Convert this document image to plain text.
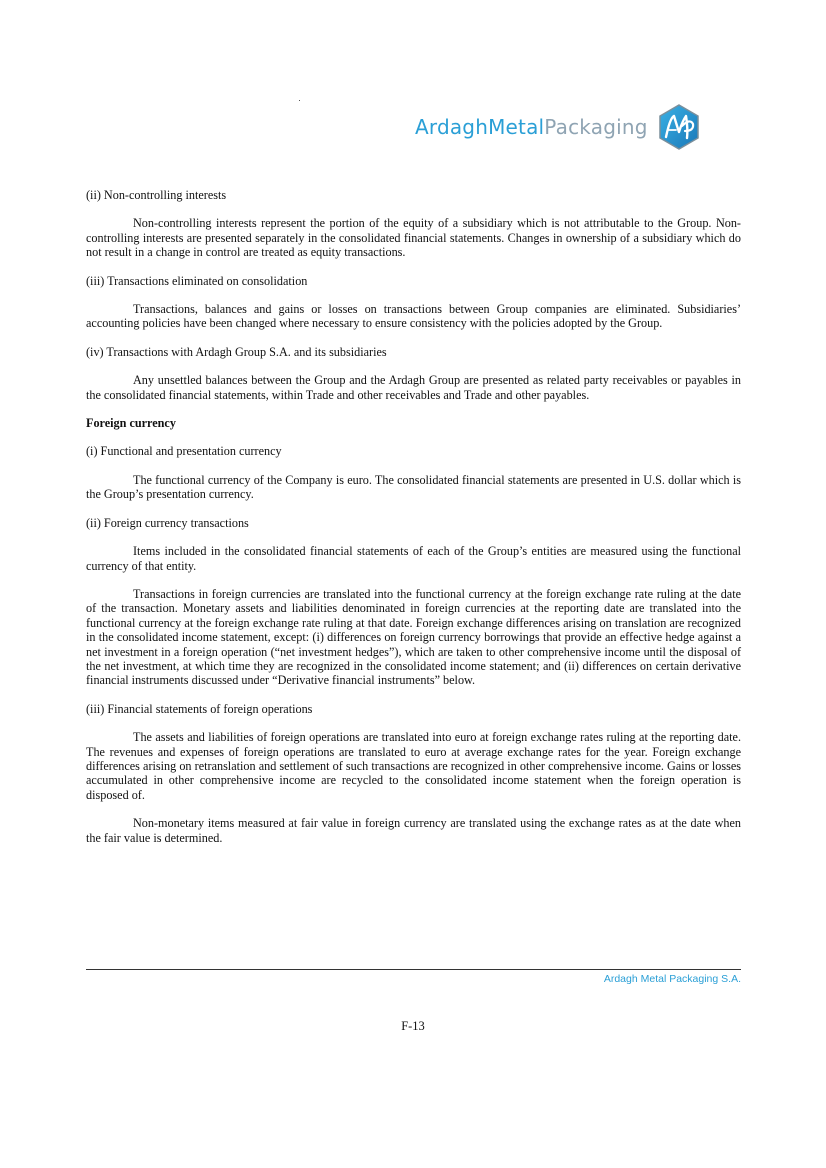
ArdaghMetalPackaging

(ii) Non-controlling interests

Non-controlling interests represent the portion of the equity of a subsidiary which is not attributable to the Group. Non-controlling interests are presented separately in the consolidated financial statements. Changes in ownership of a subsidiary which do not result in a change in control are treated as equity transactions.

(iii) Transactions eliminated on consolidation

Transactions, balances and gains or losses on transactions between Group companies are eliminated. Subsidiaries’ accounting policies have been changed where necessary to ensure consistency with the policies adopted by the Group.

(iv) Transactions with Ardagh Group S.A. and its subsidiaries

Any unsettled balances between the Group and the Ardagh Group are presented as related party receivables or payables in the consolidated financial statements, within Trade and other receivables and Trade and other payables.

Foreign currency

(i) Functional and presentation currency

The functional currency of the Company is euro. The consolidated financial statements are presented in U.S. dollar which is the Group’s presentation currency.

(ii) Foreign currency transactions

Items included in the consolidated financial statements of each of the Group’s entities are measured using the functional currency of that entity.

Transactions in foreign currencies are translated into the functional currency at the foreign exchange rate ruling at the date of the transaction. Monetary assets and liabilities denominated in foreign currencies at the reporting date are translated into the functional currency at the foreign exchange rate ruling at that date. Foreign exchange differences arising on translation are recognized in the consolidated income statement, except: (i) differences on foreign currency borrowings that provide an effective hedge against a net investment in a foreign operation (“net investment hedges”), which are taken to other comprehensive income until the disposal of the net investment, at which time they are recognized in the consolidated income statement; and (ii) differences on certain derivative financial instruments discussed under “Derivative financial instruments” below.

(iii) Financial statements of foreign operations

The assets and liabilities of foreign operations are translated into euro at foreign exchange rates ruling at the reporting date. The revenues and expenses of foreign operations are translated to euro at average exchange rates for the year. Foreign exchange differences arising on retranslation and settlement of such transactions are recognized in other comprehensive income. Gains or losses accumulated in other comprehensive income are recycled to the consolidated income statement when the foreign operation is disposed of.

Non-monetary items measured at fair value in foreign currency are translated using the exchange rates as at the date when the fair value is determined.

Ardagh Metal Packaging S.A.
F-13
